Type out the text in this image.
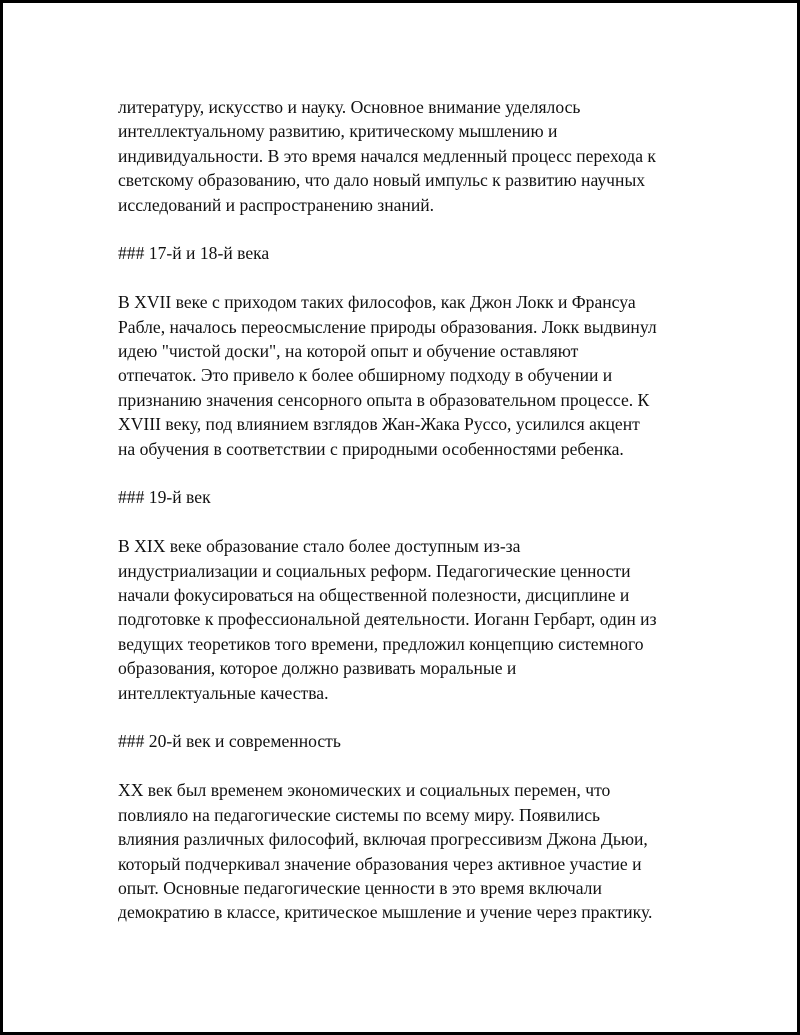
литературу, искусство и науку. Основное внимание уделялось
интеллектуальному развитию, критическому мышлению и
индивидуальности. В это время начался медленный процесс перехода к
светскому образованию, что дало новый импульс к развитию научных
исследований и распространению знаний.

### 17-й и 18-й века

В XVII веке с приходом таких философов, как Джон Локк и Франсуа
Рабле, началось переосмысление природы образования. Локк выдвинул
идею "чистой доски", на которой опыт и обучение оставляют
отпечаток. Это привело к более обширному подходу в обучении и
признанию значения сенсорного опыта в образовательном процессе. К
XVIII веку, под влиянием взглядов Жан-Жака Руссо, усилился акцент
на обучения в соответствии с природными особенностями ребенка.

### 19-й век

В XIX веке образование стало более доступным из-за
индустриализации и социальных реформ. Педагогические ценности
начали фокусироваться на общественной полезности, дисциплине и
подготовке к профессиональной деятельности. Иоганн Гербарт, один из
ведущих теоретиков того времени, предложил концепцию системного
образования, которое должно развивать моральные и
интеллектуальные качества.

### 20-й век и современность

XX век был временем экономических и социальных перемен, что
повлияло на педагогические системы по всему миру. Появились
влияния различных философий, включая прогрессивизм Джона Дьюи,
который подчеркивал значение образования через активное участие и
опыт. Основные педагогические ценности в это время включали
демократию в классе, критическое мышление и учение через практику.
